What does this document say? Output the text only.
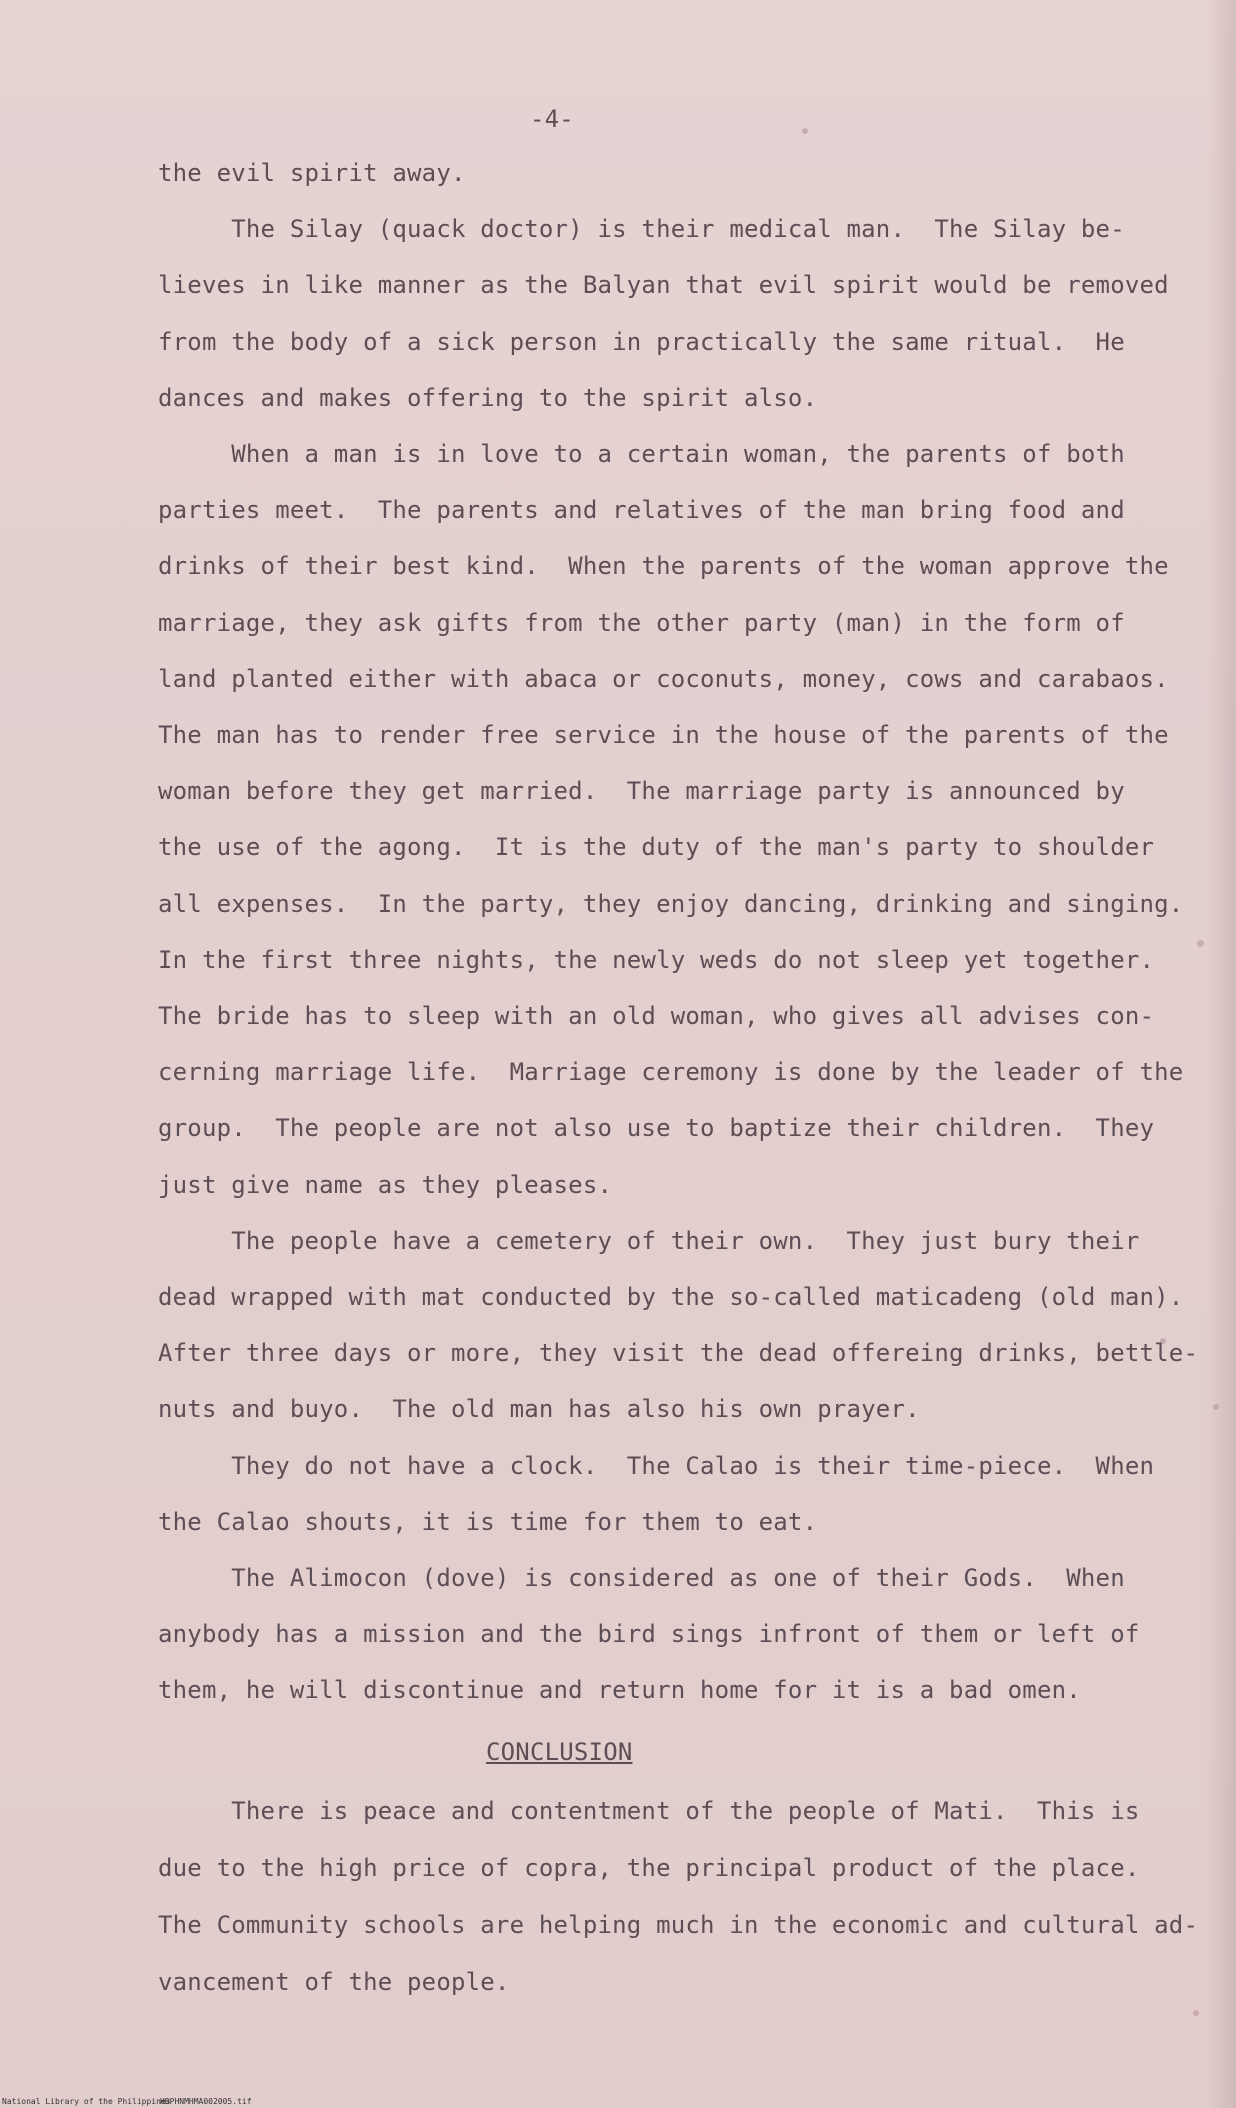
-4-
the evil spirit away.
The Silay (quack doctor) is their medical man.  The Silay be-
lieves in like manner as the Balyan that evil spirit would be removed
from the body of a sick person in practically the same ritual.  He
dances and makes offering to the spirit also.
When a man is in love to a certain woman, the parents of both
parties meet.  The parents and relatives of the man bring food and
drinks of their best kind.  When the parents of the woman approve the
marriage, they ask gifts from the other party (man) in the form of
land planted either with abaca or coconuts, money, cows and carabaos.
The man has to render free service in the house of the parents of the
woman before they get married.  The marriage party is announced by
the use of the agong.  It is the duty of the man's party to shoulder
all expenses.  In the party, they enjoy dancing, drinking and singing.
In the first three nights, the newly weds do not sleep yet together.
The bride has to sleep with an old woman, who gives all advises con-
cerning marriage life.  Marriage ceremony is done by the leader of the
group.  The people are not also use to baptize their children.  They
just give name as they pleases.
The people have a cemetery of their own.  They just bury their
dead wrapped with mat conducted by the so-called maticadeng (old man).
After three days or more, they visit the dead offereing drinks, bettle-
nuts and buyo.  The old man has also his own prayer.
They do not have a clock.  The Calao is their time-piece.  When
the Calao shouts, it is time for them to eat.
The Alimocon (dove) is considered as one of their Gods.  When
anybody has a mission and the bird sings infront of them or left of
them, he will discontinue and return home for it is a bad omen.
CONCLUSION
There is peace and contentment of the people of Mati.  This is
due to the high price of copra, the principal product of the place.
The Community schools are helping much in the economic and cultural ad-
vancement of the people.
National Library of the Philippines
HDPHNMHMA002005.tif
